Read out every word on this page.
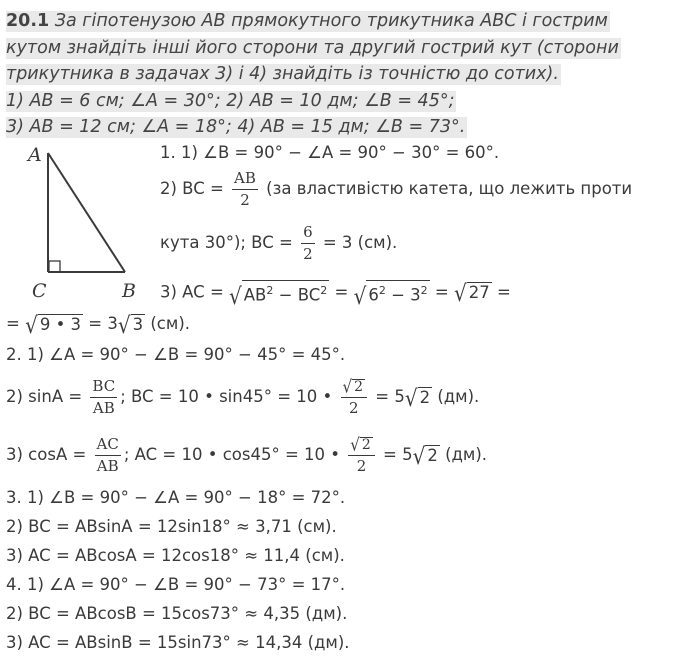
20.1 За гіпотенузою АВ прямокутного трикутника АВС і гострим
кутом знайдіть інші його сторони та другий гострий кут (сторони
трикутника в задачах 3) і 4) знайдіть із точністю до сотих).
1) АВ = 6 см; ∠A = 30°; 2) АВ = 10 дм; ∠B = 45°;
3) АВ = 12 см; ∠A = 18°; 4) АВ = 15 дм; ∠B = 73°.
A
C	B
1. 1) ∠B = 90° − ∠A = 90° − 30° = 60°.
2) BC = $\frac{AB}{2} (за$ властивістю катета, що лежить проти
кута 30°); BC = $\frac{6}{2} = 3$ (см).
3) AC = √ $AB^2 - BC^2$ = √ $6^2 - 3^2$ = √ 27 =
= √ 9 • 3 = 3 √ 3 (см).
2. 1) ∠A = 90° − ∠B = 90° − 45° = 45°.
2) $\sin A = \frac{BC}{AB}$ ; BC = 10 • sin45° = 10 • $\frac{√ 2}{2} = 5$ √ 2 (дм).
3) $\cos A = \frac{AC}{AB}$ ; AC = 10 • cos45° = 10 • $\frac{√ 2}{2} = 5$ √ 2 (дм).
3. 1) ∠B = 90° − ∠A = 90° − 18° = 72°.
2) BC = ABsinA = 12sin18° ≈ 3,71 (см).
3) AC = ABcosA = 12cos18° ≈ 11,4 (см).
4. 1) ∠A = 90° − ∠B = 90° − 73° = 17°.
2) BC = ABcosB = 15cos73° ≈ 4,35 (дм).
3) AC = ABsinB = 15sin73° ≈ 14,34 (дм).
